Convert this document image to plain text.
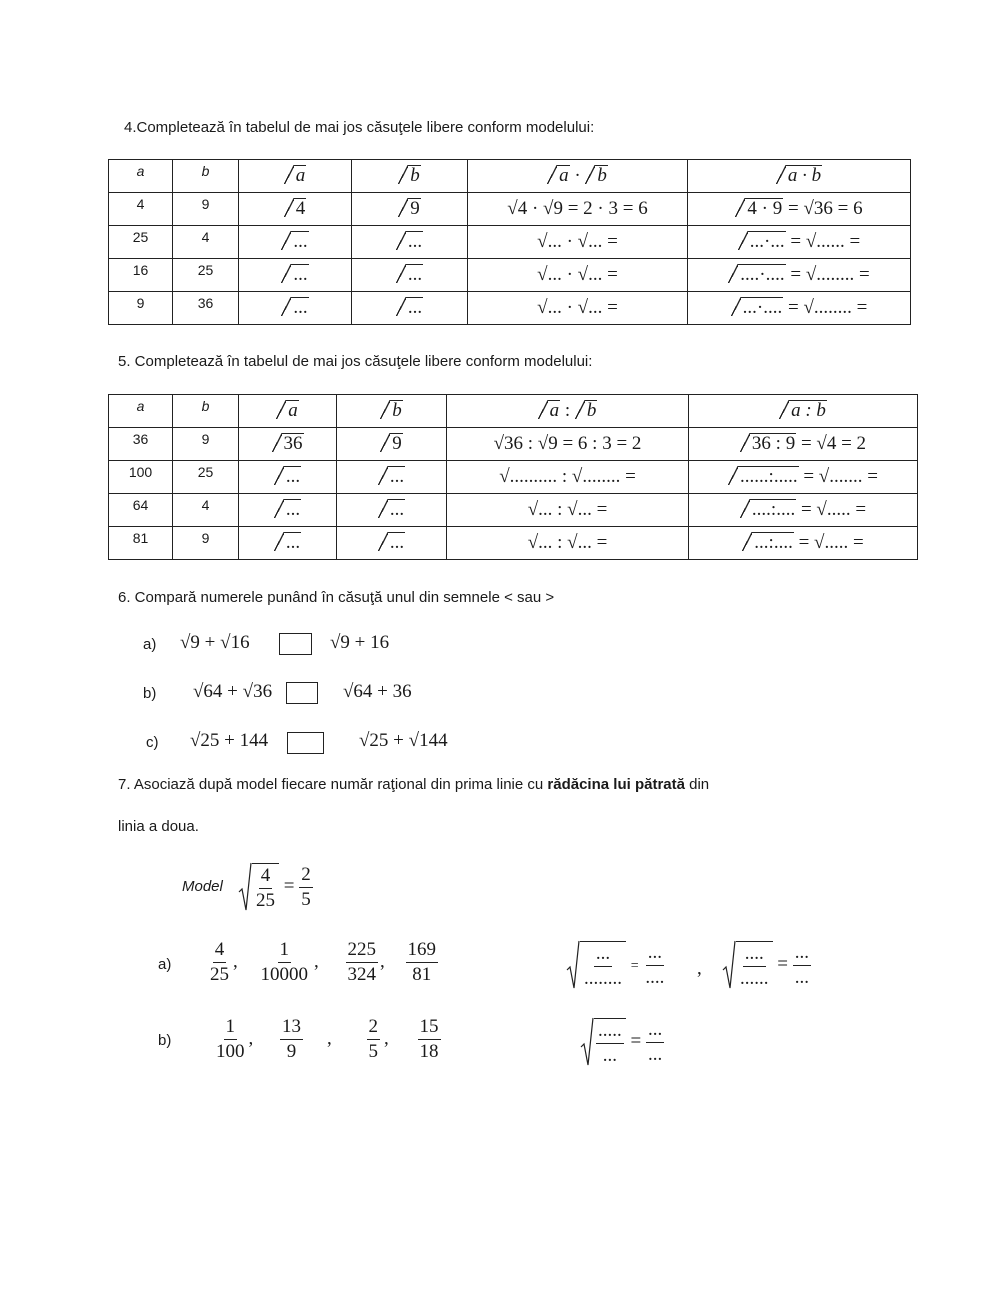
4.Completează în tabelul de mai jos căsuţele libere conform modelului:
a	b	a	b	a · b	a · b
4	9	4	9	√4 · √9 = 2 · 3 = 6	4 · 9 = √36 = 6
25	4	...	...	√... · √... =	...·... = √...... =
16	25	...	...	√... · √... =	....·.... = √........ =
9	36	...	...	√... · √... =	...·.... = √........ =
5. Completează în tabelul de mai jos căsuţele libere conform modelului:
a	b	a	b	a : b	a : b
36	9	36	9	√36 : √9 = 6 : 3 = 2	36 : 9 = √4 = 2
100	25	...	...	√.......... : √........ =	......:..... = √....... =
64	4	...	...	√... : √... =	....:.... = √..... =
81	9	...	...	√... : √... =	...:.... = √..... =
6. Compară numerele punând în căsuţă unul din semnele < sau >
a) √9 + √16	√9 + 16
b) √64 + √36	√64 + 36
c) √25 + 144	√25 + √144
7. Asociază după model fiecare număr raţional din prima linie cu rădăcina lui pătrată din
linia a doua.
Model $\frac{4}{25} = \frac{2}{5}$
$a) \frac{4}{25}$ , $\frac{1}{10000}$ , $\frac{225}{324}$ , $\frac{169}{81}$	$\frac{...}{........} = \frac{...}{....}$ , $\frac{....}{......} = \frac{...}{...}$
$b) \frac{1}{100}$ , $\frac{13}{9}$ , $\frac{2}{5}$ , $\frac{15}{18}$	$\frac{.....}{...} = \frac{...}{...}$
